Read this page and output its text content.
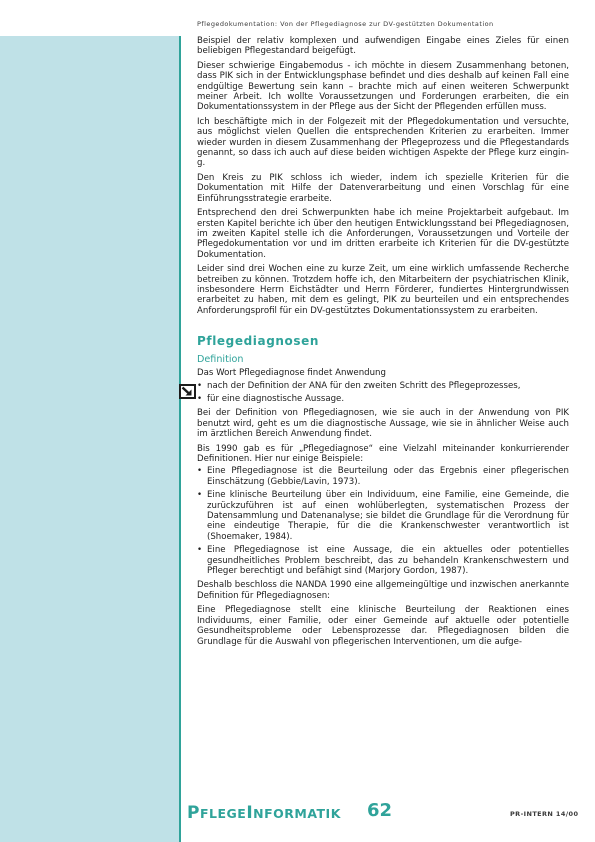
Pflegedokumentation: Von der Pflegediagnose zur DV-gestützten Dokumentation

Beispiel der relativ komplexen und aufwendigen Eingabe eines Zieles für einen beliebigen Pflegestandard beigefügt.

Dieser schwierige Eingabemodus - ich möchte in diesem Zusammenhang betonen, dass PIK sich in der Entwicklungsphase befindet und dies deshalb auf keinen Fall eine endgültige Bewertung sein kann – brachte mich auf einen weiteren Schwerpunkt meiner Arbeit. Ich wollte Voraussetzungen und Forderungen erarbeiten, die ein Dokumentationssystem in der Pflege aus der Sicht der Pflegenden erfüllen muss.

Ich beschäftigte mich in der Folgezeit mit der Pflegedokumentation und versuchte, aus möglichst vielen Quellen die entsprechenden Kriterien zu erarbeiten. Immer wieder wurden in diesem Zusammenhang der Pflegeprozess und die Pflegestandards genannt, so dass ich auch auf diese beiden wichtigen Aspekte der Pflege kurz einging.

Den Kreis zu PIK schloss ich wieder, indem ich spezielle Kriterien für die Dokumentation mit Hilfe der Datenverarbeitung und einen Vorschlag für eine Einführungsstrategie erarbeite.

Entsprechend den drei Schwerpunkten habe ich meine Projektarbeit aufgebaut. Im ersten Kapitel berichte ich über den heutigen Entwicklungsstand bei Pflegediagnosen, im zweiten Kapitel stelle ich die Anforderungen, Voraussetzungen und Vorteile der Pflegedokumentation vor und im dritten erarbeite ich Kriterien für die DV-gestützte Dokumentation.

Leider sind drei Wochen eine zu kurze Zeit, um eine wirklich umfassende Recherche betreiben zu können. Trotzdem hoffe ich, den Mitarbeitern der psychiatrischen Klinik, insbesondere Herrn Eichstädter und Herrn Förderer, fundiertes Hintergrundwissen erarbeitet zu haben, mit dem es gelingt, PIK zu beurteilen und ein entsprechendes Anforderungsprofil für ein DV-gestütztes Dokumentationssystem zu erarbeiten.

Pflegediagnosen
Definition

Das Wort Pflegediagnose findet Anwendung

• nach der Definition der ANA für den zweiten Schritt des Pflegeprozesses,
• für eine diagnostische Aussage.

Bei der Definition von Pflegediagnosen, wie sie auch in der Anwendung von PIK benutzt wird, geht es um die diagnostische Aussage, wie sie in ähnlicher Weise auch im ärztlichen Bereich Anwendung findet.

Bis 1990 gab es für „Pflegediagnose“ eine Vielzahl miteinander konkurrierender Definitionen. Hier nur einige Beispiele:

• Eine Pflegediagnose ist die Beurteilung oder das Ergebnis einer pflegerischen Einschätzung (Gebbie/Lavin, 1973).
• Eine klinische Beurteilung über ein Individuum, eine Familie, eine Gemeinde, die zurückzuführen ist auf einen wohlüberlegten, systematischen Prozess der Datensammlung und Datenanalyse; sie bildet die Grundlage für die Verordnung für eine eindeutige Therapie, für die die Krankenschwester verantwortlich ist (Shoemaker, 1984).
• Eine Pflegediagnose ist eine Aussage, die ein aktuelles oder potentielles gesundheitliches Problem beschreibt, das zu behandeln Krankenschwestern und Pfleger berechtigt und befähigt sind (Marjory Gordon, 1987).

Deshalb beschloss die NANDA 1990 eine allgemeingültige und inzwischen anerkannte Definition für Pflegediagnosen:

Eine Pflegediagnose stellt eine klinische Beurteilung der Reaktionen eines Individuums, einer Familie, oder einer Gemeinde auf aktuelle oder potentielle Gesundheitsprobleme oder Lebensprozesse dar. Pflegediagnosen bilden die Grundlage für die Auswahl von pflegerischen Interventionen, um die aufge-

PFLEGEINFORMATIK 62	PR-INTERN 14/00
